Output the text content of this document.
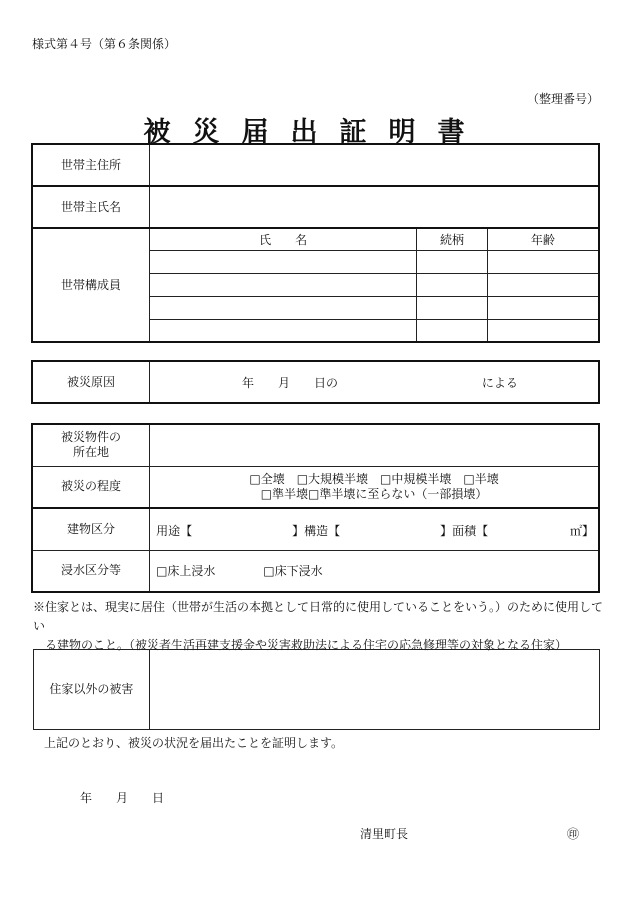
様式第４号（第６条関係）
（整理番号）
被災届出証明書
世帯主住所			
世帯主氏名			
世帯構成員	氏　　名	続柄	年齢

被災原因	年　　月　　日の	による
被災物件の
所在地	

被災の程度	□全壊　□大規模半壊　□中規模半壊　□半壊
□準半壊□準半壊に至らない（一部損壊）

建物区分	用途【 】構造【 】面積【 ㎡】

浸水区分等	□床上浸水 □床下浸水
※住家とは、現実に居住（世帯が生活の本拠として日常的に使用していることをいう。）のために使用してい
　る建物のこと。（被災者生活再建支援金や災害救助法による住宅の応急修理等の対象となる住家）
住家以外の被害	
上記のとおり、被災の状況を届出たことを証明します。
年　　月　　日
清里町長	㊞
